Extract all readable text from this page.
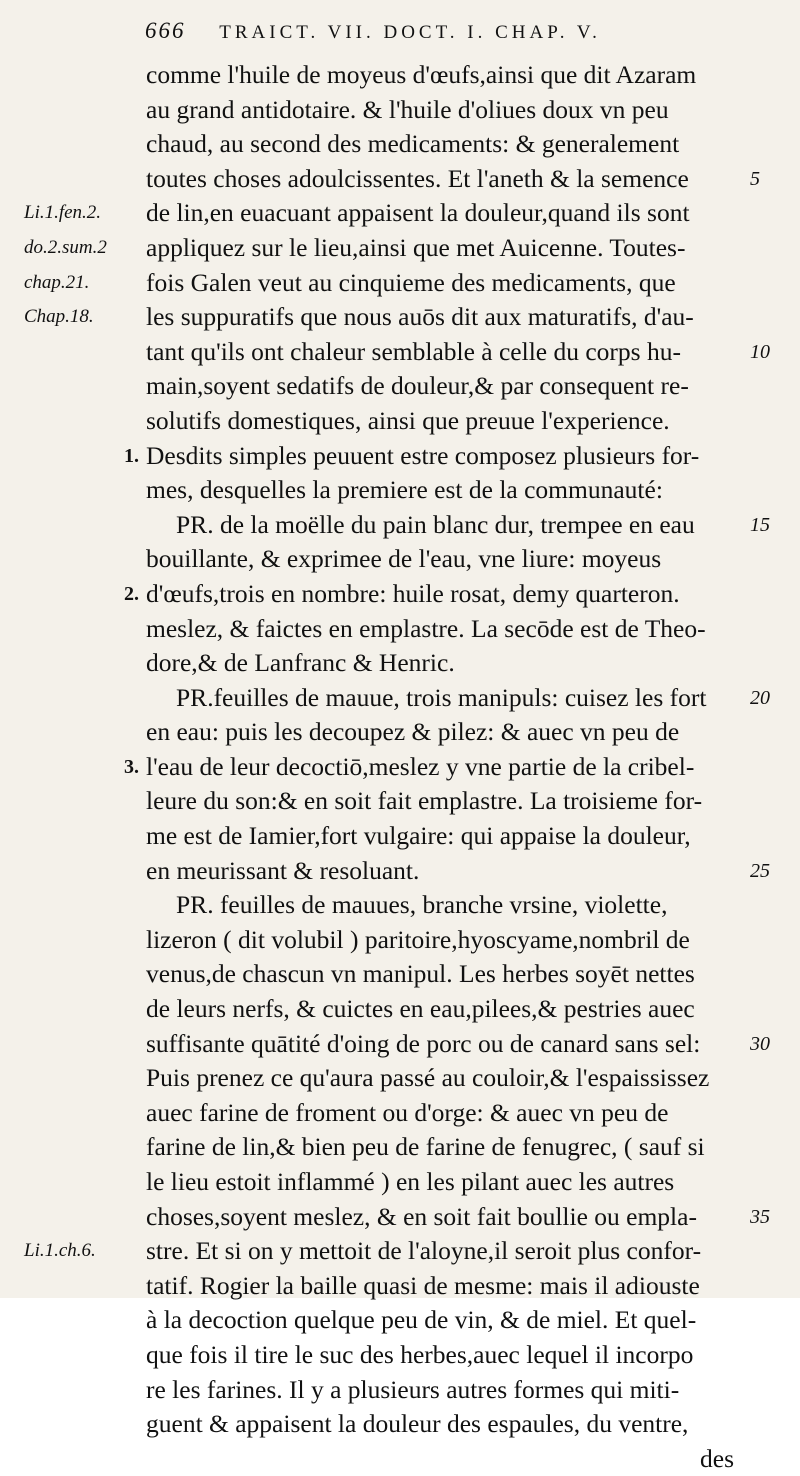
666 TRAICT. VII. DOCT. I. CHAP. V.
comme l'huile de moyeus d'œufs,ainsi que dit Azaram
au grand antidotaire. & l'huile d'oliues doux vn peu
chaud, au second des medicaments: & generalement
toutes choses adoulcissentes. Et l'aneth & la semence
de lin,en euacuant appaisent la douleur,quand ils sont
appliquez sur le lieu,ainsi que met Auicenne. Toutes-
fois Galen veut au cinquieme des medicaments, que
les suppuratifs que nous auōs dit aux maturatifs, d'au-
tant qu'ils ont chaleur semblable à celle du corps hu-
main,soyent sedatifs de douleur,& par consequent re-
solutifs domestiques, ainsi que preuue l'experience.
Desdits simples peuuent estre composez plusieurs for-
mes, desquelles la premiere est de la communauté:
PR. de la moëlle du pain blanc dur, trempee en eau
bouillante, & exprimee de l'eau, vne liure: moyeus
d'œufs,trois en nombre: huile rosat, demy quarteron.
meslez, & faictes en emplastre. La secōde est de Theo-
dore,& de Lanfranc & Henric.
PR.feuilles de mauue, trois manipuls: cuisez les fort
en eau: puis les decoupez & pilez: & auec vn peu de
l'eau de leur decoctiō,meslez y vne partie de la cribel-
leure du son:& en soit fait emplastre. La troisieme for-
me est de Iamier,fort vulgaire: qui appaise la douleur,
en meurissant & resoluant.
PR. feuilles de mauues, branche vrsine, violette,
lizeron ( dit volubil ) paritoire,hyoscyame,nombril de
venus,de chascun vn manipul. Les herbes soyēt nettes
de leurs nerfs, & cuictes en eau,pilees,& pestries auec
suffisante quātité d'oing de porc ou de canard sans sel:
Puis prenez ce qu'aura passé au couloir,& l'espaississez
auec farine de froment ou d'orge: & auec vn peu de
farine de lin,& bien peu de farine de fenugrec, ( sauf si
le lieu estoit inflammé ) en les pilant auec les autres
choses,soyent meslez, & en soit fait boullie ou empla-
stre. Et si on y mettoit de l'aloyne,il seroit plus confor-
tatif. Rogier la baille quasi de mesme: mais il adiouste
à la decoction quelque peu de vin, & de miel. Et quel-
que fois il tire le suc des herbes,auec lequel il incorpo
re les farines. Il y a plusieurs autres formes qui miti-
guent & appaisent la douleur des espaules, du ventre,
des
Li.1.fen.2.
do.2.sum.2
chap.21.
Chap.18.
Li.1.ch.6.
5
10
15
20
25
30
35
1.
2.
3.
